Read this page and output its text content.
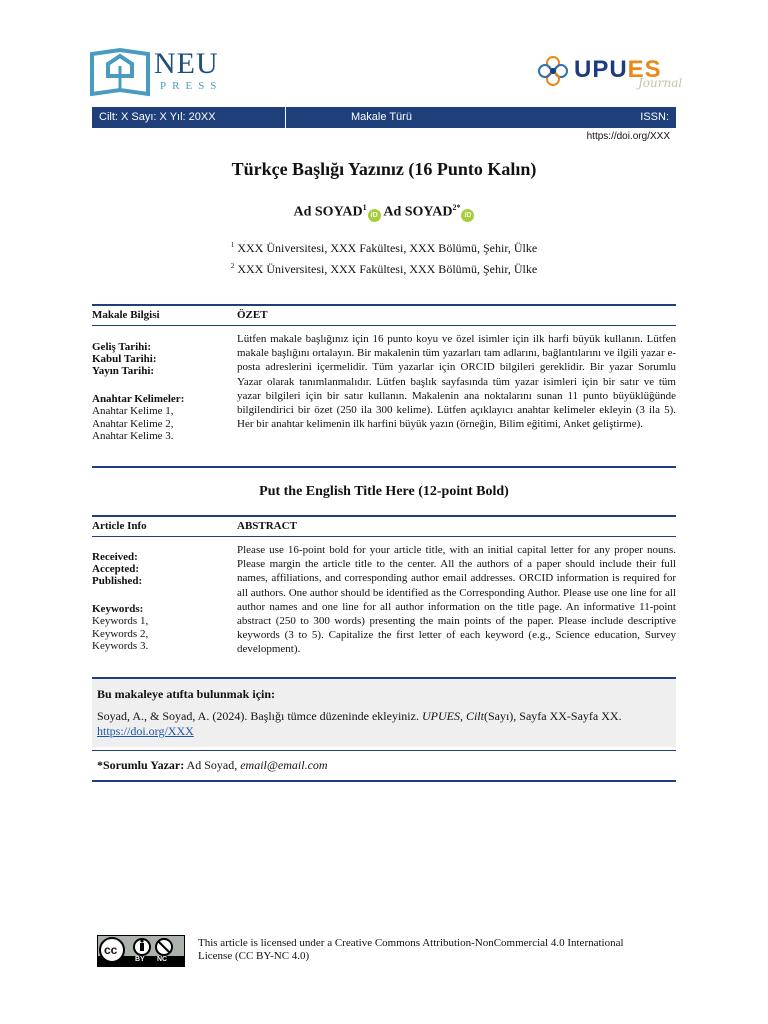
NEU
PRESS
UPUES
Journal
Cilt: X Sayı: X Yıl: 20XX	Makale Türü	ISSN:
https://doi.org/XXX
Türkçe Başlığı Yazınız (16 Punto Kalın)
Ad SOYAD$^1$iD Ad $SOYAD^{2*}iD$
$^1$ XXX Üniversitesi, XXX Fakültesi, XXX Bölümü, Şehir, Ülke
$^2$ XXX Üniversitesi, XXX Fakültesi, XXX Bölümü, Şehir, Ülke
Makale Bilgisi	ÖZET
Geliş Tarihi:
Kabul Tarihi:
Yayın Tarihi:
Anahtar Kelimeler:
Anahtar Kelime 1,
Anahtar Kelime 2,
Anahtar Kelime 3.
Lütfen makale başlığınız için 16 punto koyu ve özel isimler için ilk harfi büyük kullanın. Lütfen makale başlığını ortalayın. Bir makalenin tüm yazarları tam adlarını, bağlantılarını ve ilgili yazar e-posta adreslerini içermelidir. Tüm yazarlar için ORCID bilgileri gereklidir. Bir yazar Sorumlu Yazar olarak tanımlanmalıdır. Lütfen başlık sayfasında tüm yazar isimleri için bir satır ve tüm yazar bilgileri için bir satır kullanın. Makalenin ana noktalarını sunan 11 punto büyüklüğünde bilgilendirici bir özet (250 ila 300 kelime). Lütfen açıklayıcı anahtar kelimeler ekleyin (3 ila 5). Her bir anahtar kelimenin ilk harfini büyük yazın (örneğin, Bilim eğitimi, Anket geliştirme).
Put the English Title Here (12-point Bold)
Article Info	ABSTRACT
Received:
Accepted:
Published:
Keywords:
Keywords 1,
Keywords 2,
Keywords 3.
Please use 16-point bold for your article title, with an initial capital letter for any proper nouns. Please margin the article title to the center. All the authors of a paper should include their full names, affiliations, and corresponding author email addresses. ORCID information is required for all authors. One author should be identified as the Corresponding Author. Please use one line for all author names and one line for all author information on the title page. An informative 11-point abstract (250 to 300 words) presenting the main points of the paper. Please include descriptive keywords (3 to 5). Capitalize the first letter of each keyword (e.g., Science education, Survey development).
Bu makaleye atıfta bulunmak için:
Soyad, A., & Soyad, A. (2024). Başlığı tümce düzeninde ekleyiniz. UPUES, Cilt(Sayı), Sayfa XX-Sayfa XX. https://doi.org/XXX
*Sorumlu Yazar: Ad Soyad, email@email.com
cc
BY NC
This article is licensed under a Creative Commons Attribution-NonCommercial 4.0 International License (CC BY-NC 4.0)
